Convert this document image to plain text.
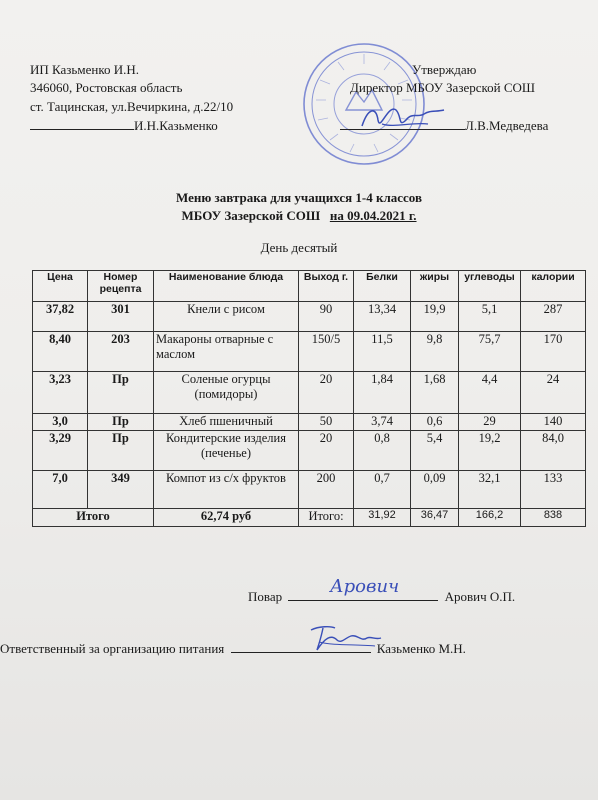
ИП Казьменко И.Н.
346060, Ростовская область
ст. Тацинская, ул.Вечиркина, д.22/10
И.Н.Казьменко
Утверждаю
Директор МБОУ Зазерской СОШ
Л.В.Медведева
Меню завтрака для учащихся 1-4 классов
МБОУ Зазерской СОШ на 09.04.2021 г.
День десятый
Цена	Номер рецепта	Наименование блюда	Выход г.	Белки	жиры	углеводы	калории
37,82	301	Кнели с рисом	90	13,34	19,9	5,1	287
8,40	203	Макароны отварные с маслом	150/5	11,5	9,8	75,7	170
3,23	Пр	Соленые огурцы (помидоры)	20	1,84	1,68	4,4	24
3,0	Пр	Хлеб пшеничный	50	3,74	0,6	29	140
3,29	Пр	Кондитерские изделия (печенье)	20	0,8	5,4	19,2	84,0
7,0	349	Компот из с/х фруктов	200	0,7	0,09	32,1	133
Итого		62,74 руб	Итого:	31,92	36,47	166,2	838
Повар	Арович О.П.
Арович
Ответственный за организацию питания	Казьменко М.Н.
